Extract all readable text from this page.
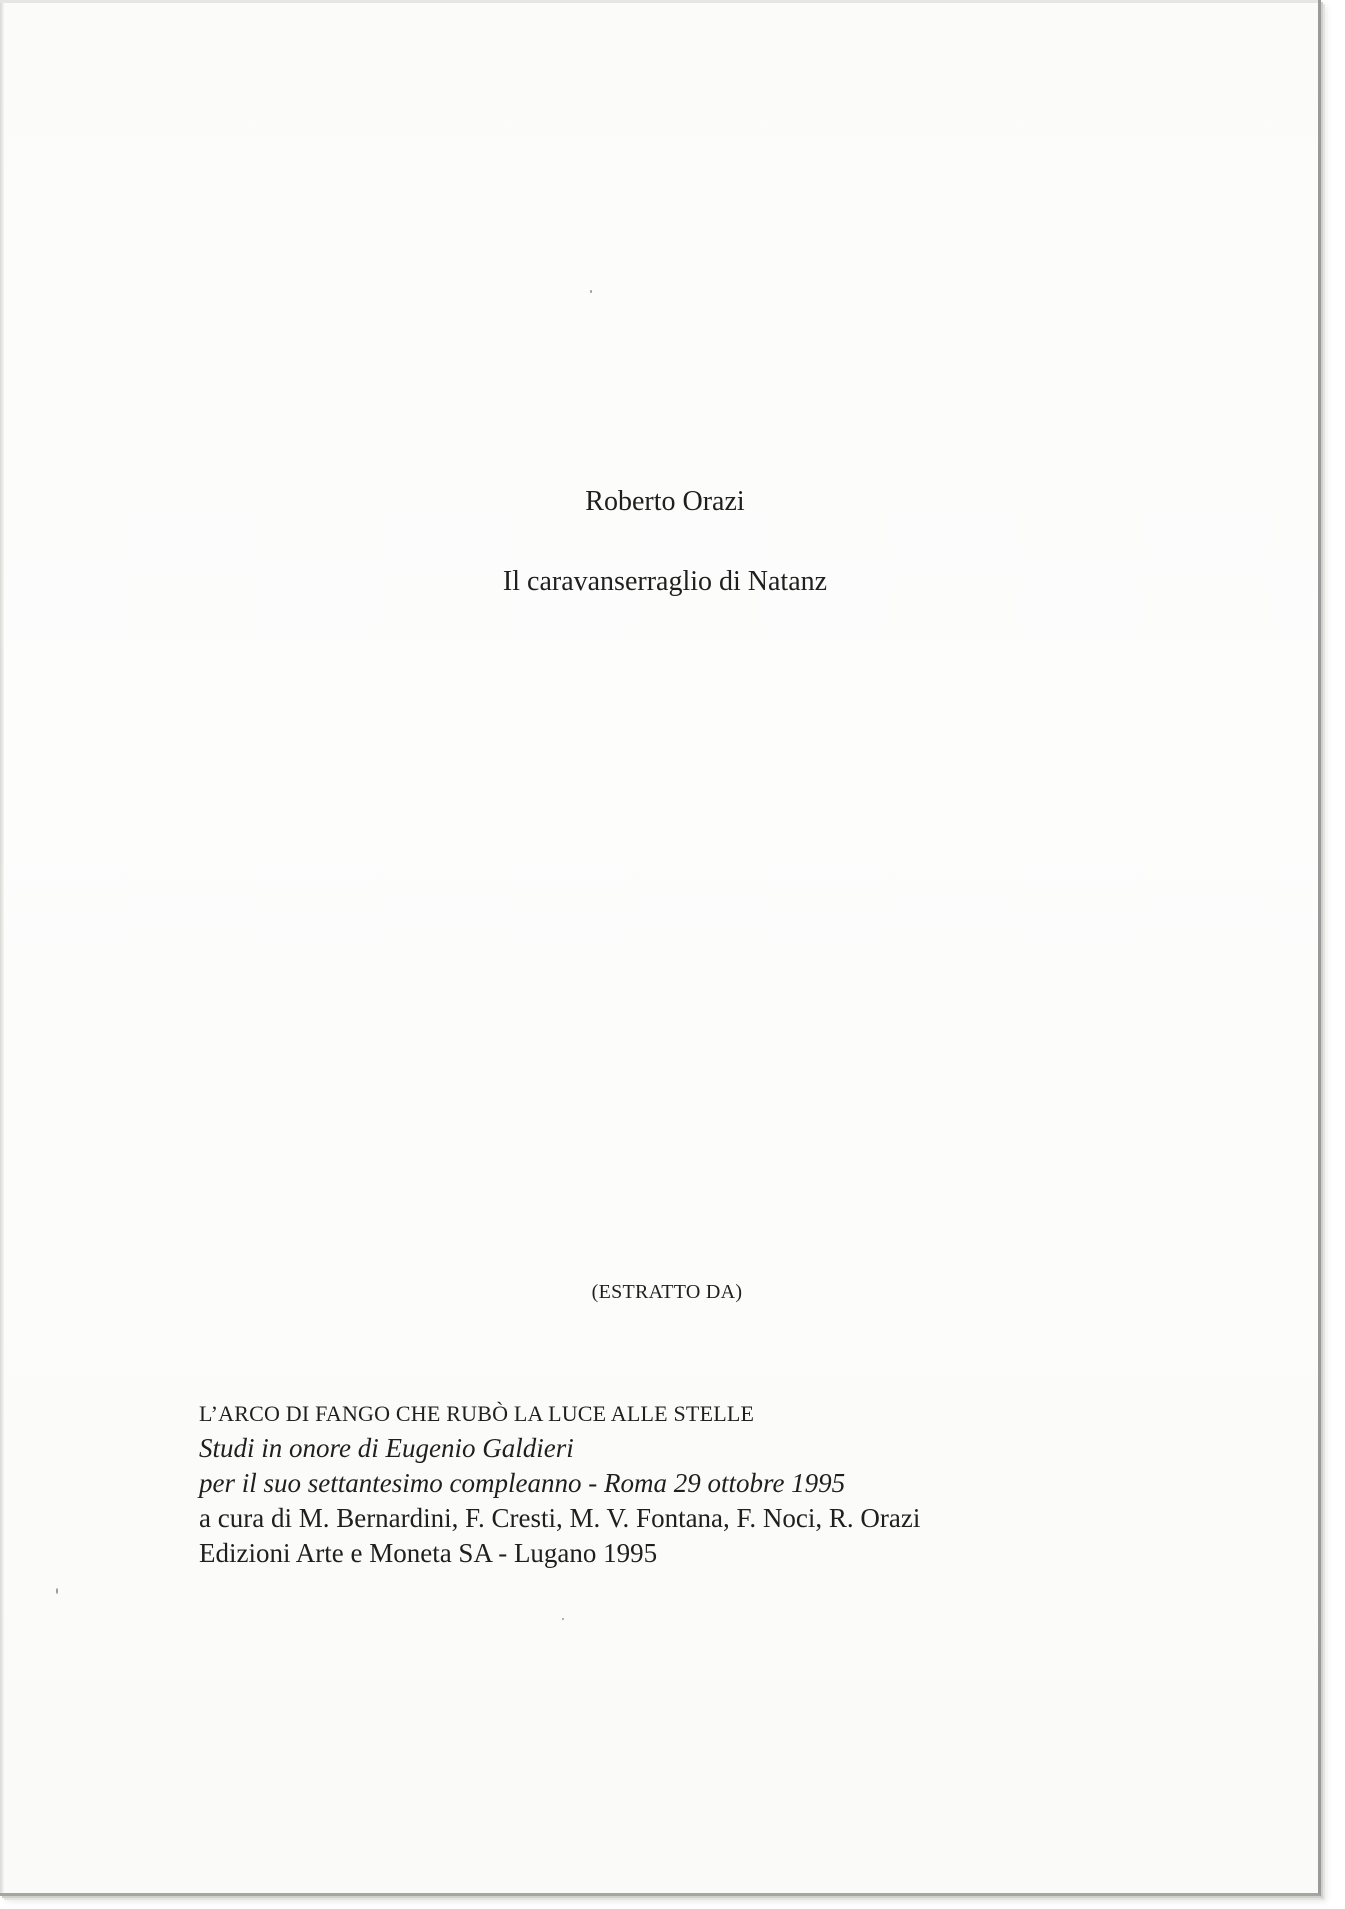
Roberto Orazi
Il caravanserraglio di Natanz
(ESTRATTO DA)
L’ARCO DI FANGO CHE RUBÒ LA LUCE ALLE STELLE
Studi in onore di Eugenio Galdieri
per il suo settantesimo compleanno - Roma 29 ottobre 1995
a cura di M. Bernardini, F. Cresti, M. V. Fontana, F. Noci, R. Orazi
Edizioni Arte e Moneta SA - Lugano 1995
